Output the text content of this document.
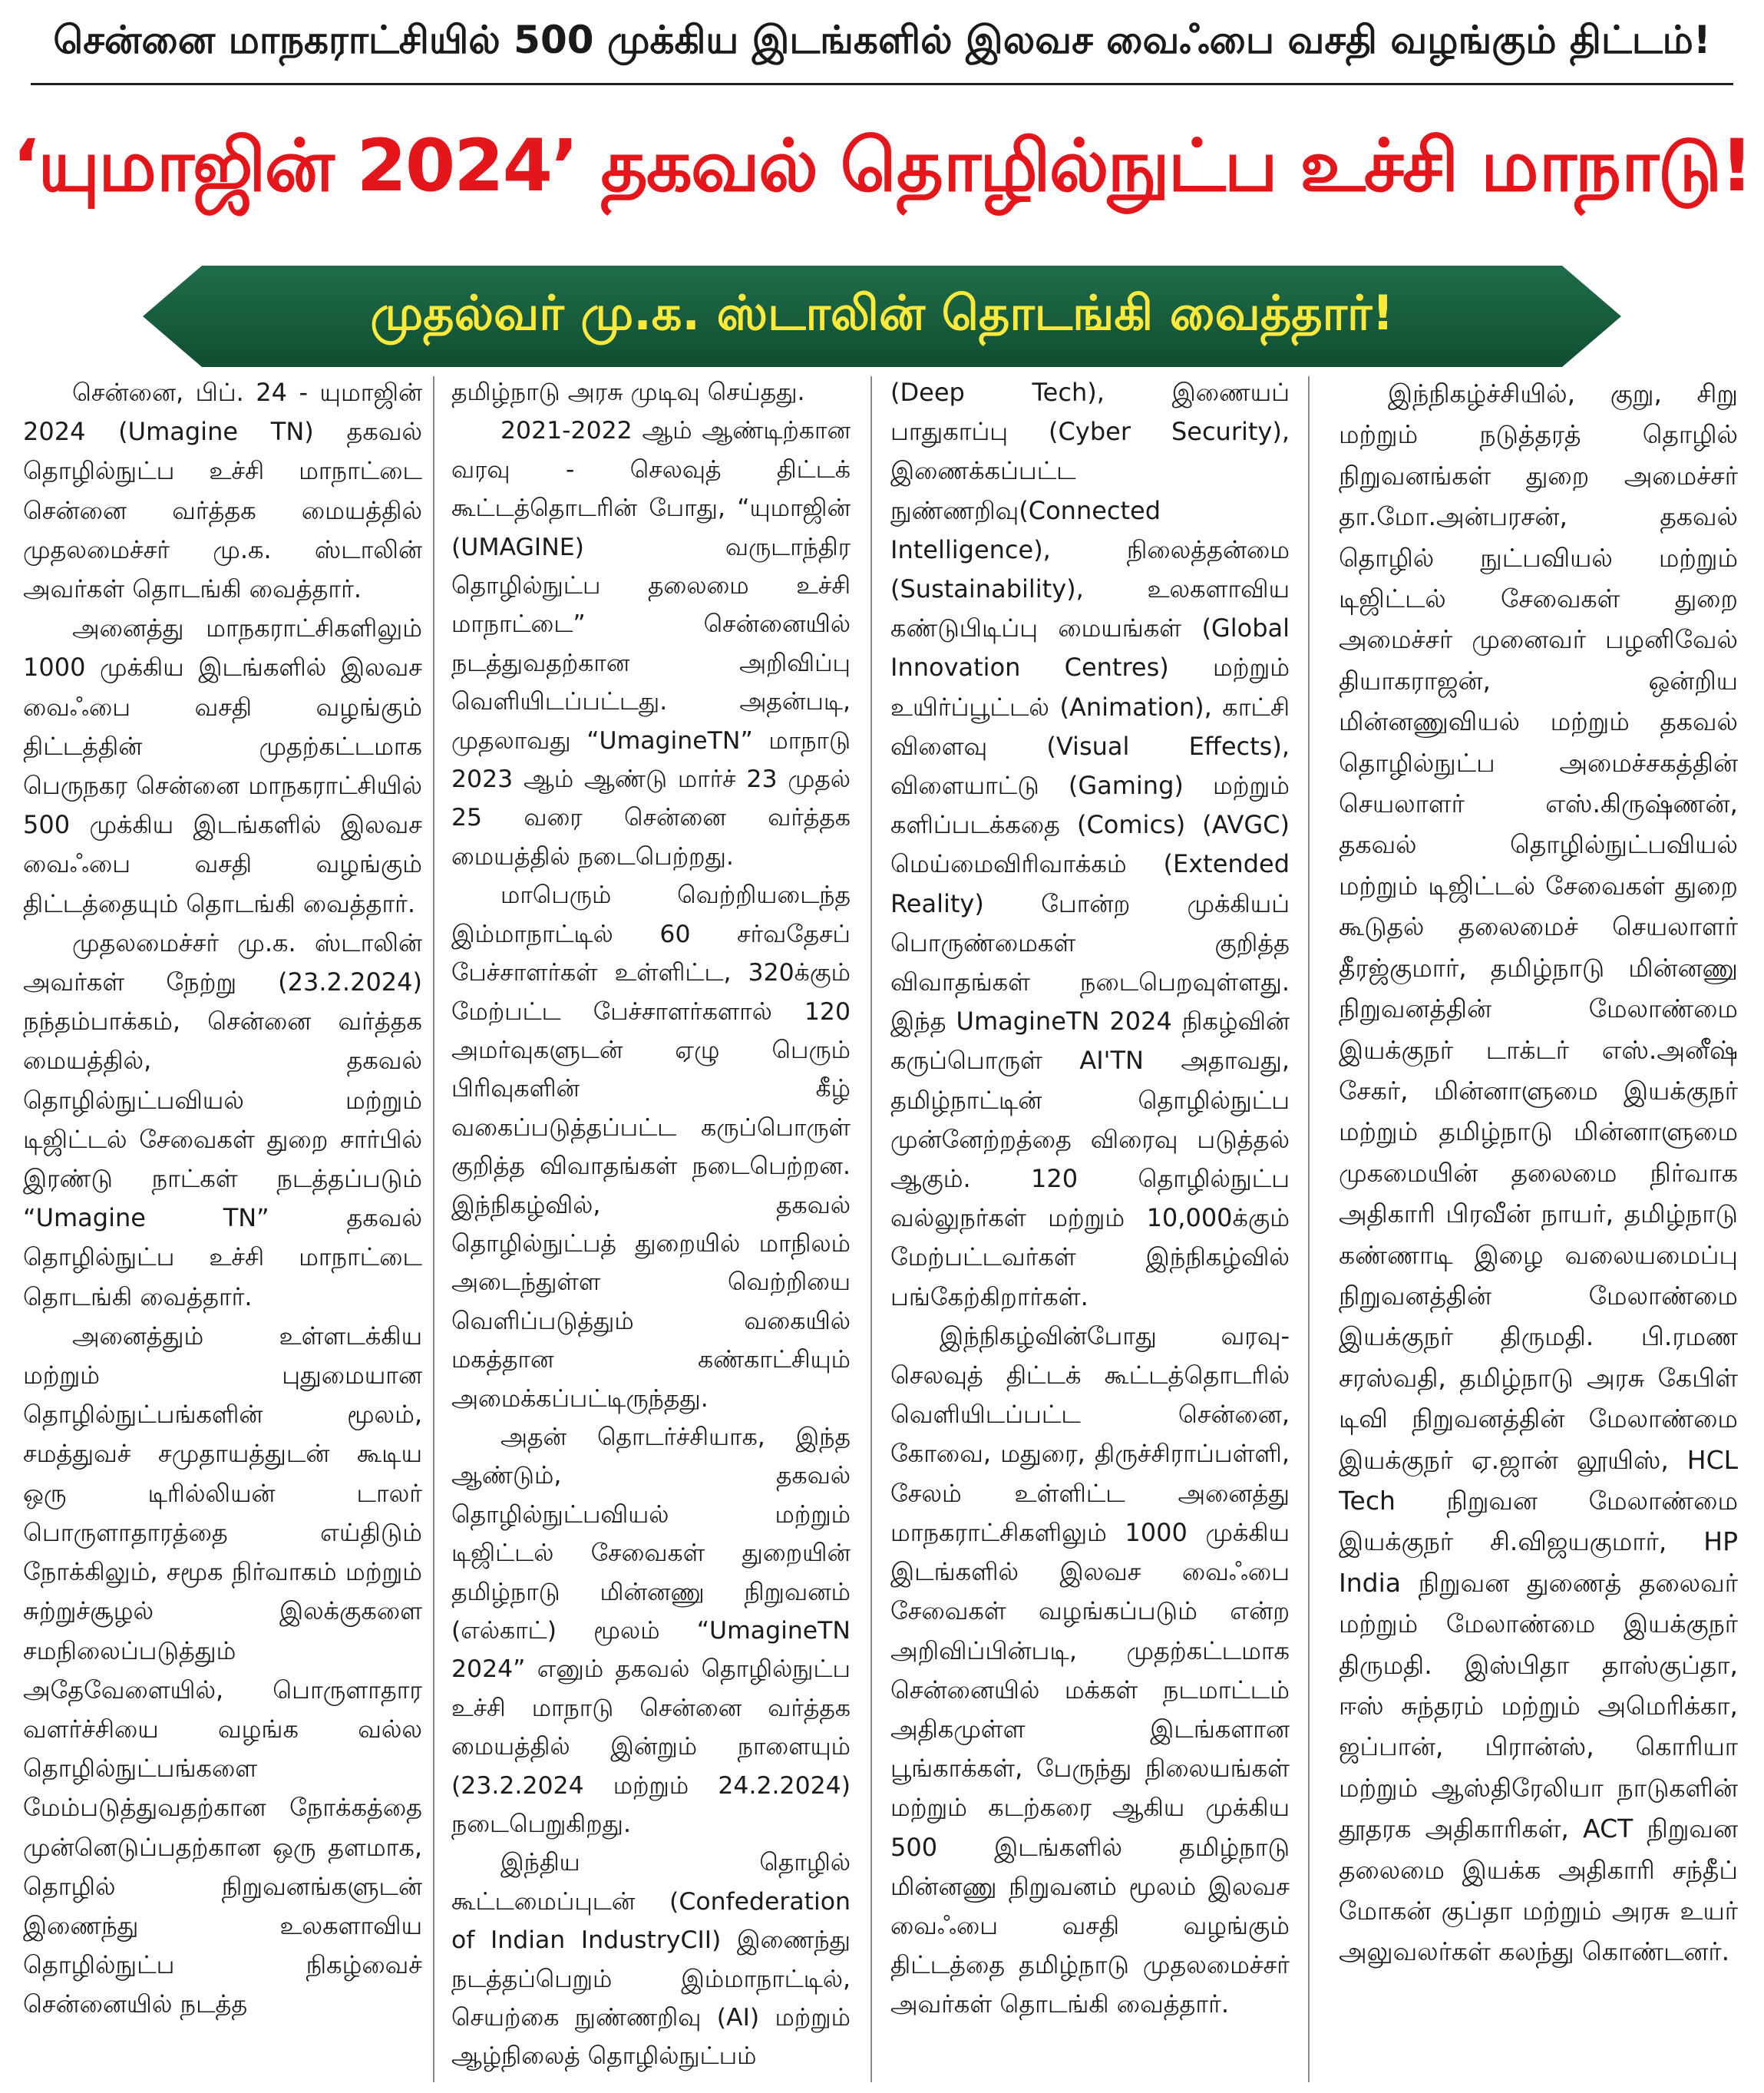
சென்னை மாநகராட்சியில் 500 முக்கிய இடங்களில் இலவச வைஃபை வசதி வழங்கும் திட்டம்!
‘யுமாஜின் 2024’ தகவல் தொழில்நுட்ப உச்சி மாநாடு!
முதல்வர் மு.க. ஸ்டாலின் தொடங்கி வைத்தார்!

சென்னை, பிப். 24 - யுமாஜின் 2024 (Umagine TN) தகவல் தொழில்நுட்ப உச்சி மாநாட்டை சென்னை வர்த்தக மையத்தில் முதலமைச்சர் மு.க. ஸ்டாலின் அவர்கள் தொடங்கி வைத்தார்.

அனைத்து மாநகராட்சிகளிலும் 1000 முக்கிய இடங்களில் இலவச வைஃபை வசதி வழங்கும் திட்டத்தின் முதற்கட்டமாக பெருநகர சென்னை மாநகராட்சியில் 500 முக்கிய இடங்களில் இலவச வைஃபை வசதி வழங்கும் திட்டத்தையும் தொடங்கி வைத்தார்.

முதலமைச்சர் மு.க. ஸ்டாலின் அவர்கள் நேற்று (23.2.2024) நந்தம்பாக்கம், சென்னை வர்த்தக மையத்தில், தகவல் தொழில்நுட்பவியல் மற்றும் டிஜிட்டல் சேவைகள் துறை சார்பில் இரண்டு நாட்கள் நடத்தப்படும் “Umagine TN” தகவல் தொழில்நுட்ப உச்சி மாநாட்டை தொடங்கி வைத்தார்.

அனைத்தும் உள்ளடக்கிய மற்றும் புதுமையான தொழில்நுட்பங்களின் மூலம், சமத்துவச் சமுதாயத்துடன் கூடிய ஒரு டிரில்லியன் டாலர் பொருளாதாரத்தை எய்திடும் நோக்கிலும், சமூக நிர்வாகம் மற்றும் சுற்றுச்சூழல் இலக்குகளை சமநிலைப்படுத்தும் அதேவேளையில், பொருளாதார வளர்ச்சியை வழங்க வல்ல தொழில்நுட்பங்களை மேம்படுத்துவதற்கான நோக்கத்தை முன்னெடுப்பதற்கான ஒரு தளமாக, தொழில் நிறுவனங்களுடன் இணைந்து உலகளாவிய தொழில்நுட்ப நிகழ்வைச் சென்னையில் நடத்த

தமிழ்நாடு அரசு முடிவு செய்தது.

2021-2022 ஆம் ஆண்டிற்கான வரவு - செலவுத் திட்டக் கூட்டத்தொடரின் போது, “யுமாஜின் (UMAGINE) வருடாந்திர தொழில்நுட்ப தலைமை உச்சி மாநாட்டை” சென்னையில் நடத்துவதற்கான அறிவிப்பு வெளியிடப்பட்டது. அதன்படி, முதலாவது “UmagineTN” மாநாடு 2023 ஆம் ஆண்டு மார்ச் 23 முதல் 25 வரை சென்னை வர்த்தக மையத்தில் நடைபெற்றது.

மாபெரும் வெற்றியடைந்த இம்மாநாட்டில் 60 சர்வதேசப் பேச்சாளர்கள் உள்ளிட்ட, 320க்கும் மேற்பட்ட பேச்சாளர்களால் 120 அமர்வுகளுடன் ஏழு பெரும் பிரிவுகளின் கீழ் வகைப்படுத்தப்பட்ட கருப்பொருள் குறித்த விவாதங்கள் நடைபெற்றன. இந்நிகழ்வில், தகவல் தொழில்நுட்பத் துறையில் மாநிலம் அடைந்துள்ள வெற்றியை வெளிப்படுத்தும் வகையில் மகத்தான கண்காட்சியும் அமைக்கப்பட்டிருந்தது.

அதன் தொடர்ச்சியாக, இந்த ஆண்டும், தகவல் தொழில்நுட்பவியல் மற்றும் டிஜிட்டல் சேவைகள் துறையின் தமிழ்நாடு மின்னணு நிறுவனம் (எல்காட்) மூலம் “UmagineTN 2024” எனும் தகவல் தொழில்நுட்ப உச்சி மாநாடு சென்னை வர்த்தக மையத்தில் இன்றும் நாளையும் (23.2.2024 மற்றும் 24.2.2024) நடைபெறுகிறது.

இந்திய தொழில் கூட்டமைப்புடன் (Confederation of Indian IndustryCII) இணைந்து நடத்தப்பெறும் இம்மாநாட்டில், செயற்கை நுண்ணறிவு (AI) மற்றும் ஆழ்நிலைத் தொழில்நுட்பம்

(Deep Tech), இணையப் பாதுகாப்பு (Cyber Security), இணைக்கப்பட்ட நுண்ணறிவு(Connected Intelligence), நிலைத்தன்மை (Sustainability), உலகளாவிய கண்டுபிடிப்பு மையங்கள் (Global Innovation Centres) மற்றும் உயிர்ப்பூட்டல் (Animation), காட்சி விளைவு (Visual Effects), விளையாட்டு (Gaming) மற்றும் களிப்படக்கதை (Comics) (AVGC) மெய்மைவிரிவாக்கம் (Extended Reality) போன்ற முக்கியப் பொருண்மைகள் குறித்த விவாதங்கள் நடைபெறவுள்ளது. இந்த UmagineTN 2024 நிகழ்வின் கருப்பொருள் AI'TN அதாவது, தமிழ்நாட்டின் தொழில்நுட்ப முன்னேற்றத்தை விரைவு படுத்தல் ஆகும். 120 தொழில்நுட்ப வல்லுநர்கள் மற்றும் 10,000க்கும் மேற்பட்டவர்கள் இந்நிகழ்வில் பங்கேற்கிறார்கள்.

இந்நிகழ்வின்போது வரவு-செலவுத் திட்டக் கூட்டத்தொடரில் வெளியிடப்பட்ட சென்னை, கோவை, மதுரை, திருச்சிராப்பள்ளி, சேலம் உள்ளிட்ட அனைத்து மாநகராட்சிகளிலும் 1000 முக்கிய இடங்களில் இலவச வைஃபை சேவைகள் வழங்கப்படும் என்ற அறிவிப்பின்படி, முதற்கட்டமாக சென்னையில் மக்கள் நடமாட்டம் அதிகமுள்ள இடங்களான பூங்காக்கள், பேருந்து நிலையங்கள் மற்றும் கடற்கரை ஆகிய முக்கிய 500 இடங்களில் தமிழ்நாடு மின்னணு நிறுவனம் மூலம் இலவச வைஃபை வசதி வழங்கும் திட்டத்தை தமிழ்நாடு முதலமைச்சர் அவர்கள் தொடங்கி வைத்தார்.

இந்நிகழ்ச்சியில், குறு, சிறு மற்றும் நடுத்தரத் தொழில் நிறுவனங்கள் துறை அமைச்சர் தா.மோ.அன்பரசன், தகவல் தொழில் நுட்பவியல் மற்றும் டிஜிட்டல் சேவைகள் துறை அமைச்சர் முனைவர் பழனிவேல் தியாகராஜன், ஒன்றிய மின்னணுவியல் மற்றும் தகவல் தொழில்நுட்ப அமைச்சகத்தின் செயலாளர் எஸ்.கிருஷ்ணன், தகவல் தொழில்நுட்பவியல் மற்றும் டிஜிட்டல் சேவைகள் துறை கூடுதல் தலைமைச் செயலாளர் தீரஜ்குமார், தமிழ்நாடு மின்னணு நிறுவனத்தின் மேலாண்மை இயக்குநர் டாக்டர் எஸ்.அனீஷ் சேகர், மின்னாளுமை இயக்குநர் மற்றும் தமிழ்நாடு மின்னாளுமை முகமையின் தலைமை நிர்வாக அதிகாரி பிரவீன் நாயர், தமிழ்நாடு கண்ணாடி இழை வலையமைப்பு நிறுவனத்தின் மேலாண்மை இயக்குநர் திருமதி. பி.ரமண சரஸ்வதி, தமிழ்நாடு அரசு கேபிள் டிவி நிறுவனத்தின் மேலாண்மை இயக்குநர் ஏ.ஜான் லூயிஸ், HCL Tech நிறுவன மேலாண்மை இயக்குநர் சி.விஜயகுமார், HP India நிறுவன துணைத் தலைவர் மற்றும் மேலாண்மை இயக்குநர் திருமதி. இஸ்பிதா தாஸ்குப்தா, ஈஸ் சுந்தரம் மற்றும் அமெரிக்கா, ஜப்பான், பிரான்ஸ், கொரியா மற்றும் ஆஸ்திரேலியா நாடுகளின் தூதரக அதிகாரிகள், ACT நிறுவன தலைமை இயக்க அதிகாரி சந்தீப் மோகன் குப்தா மற்றும் அரசு உயர் அலுவலர்கள் கலந்து கொண்டனர்.
